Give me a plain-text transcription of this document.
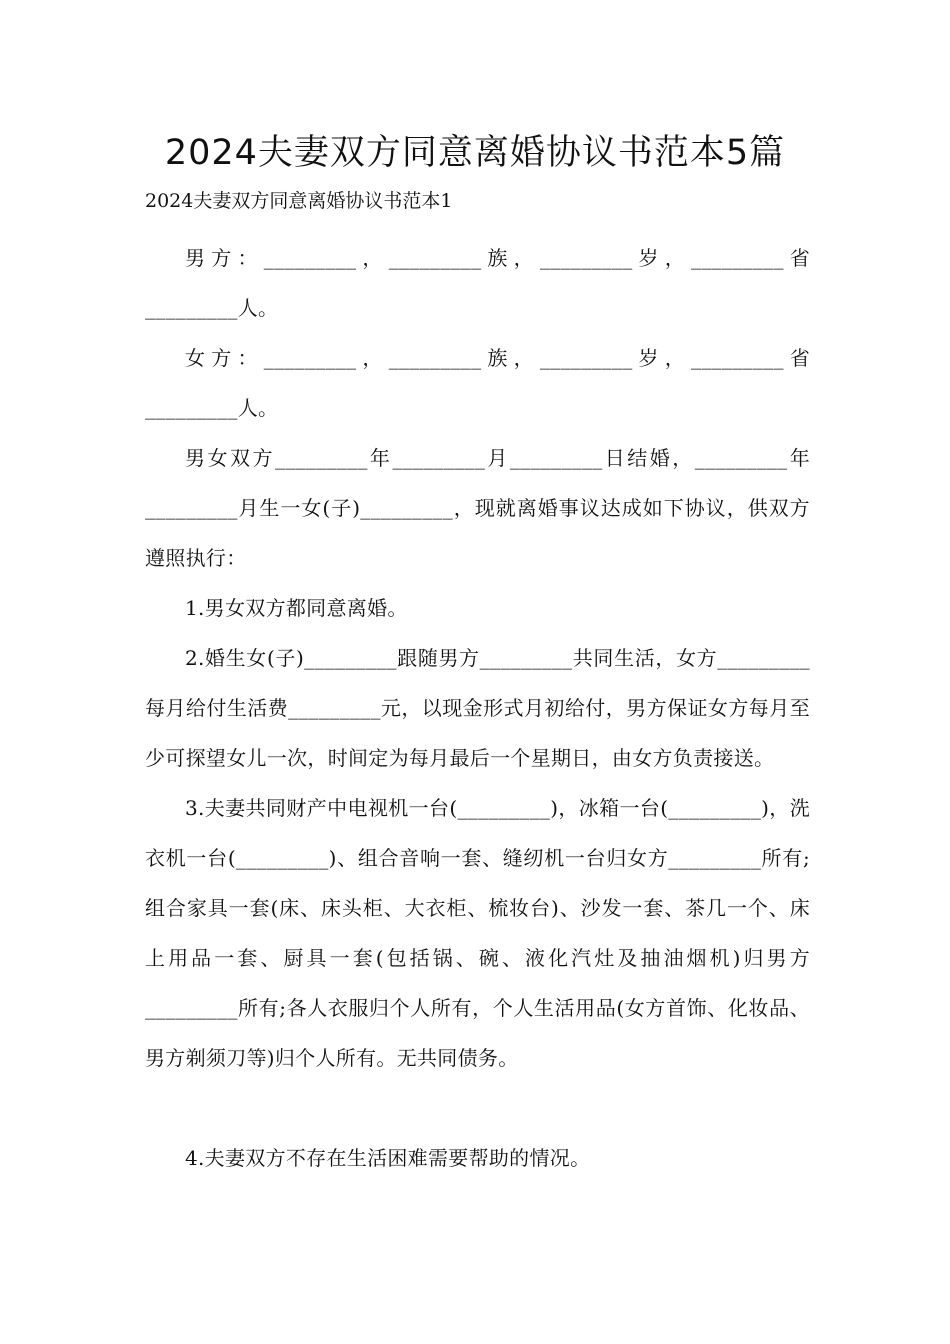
2024夫妻双方同意离婚协议书范本5篇
2024夫妻双方同意离婚协议书范本1

男方：_________，_________族，_________岁，_________省_________人。

女方：_________，_________族，_________岁，_________省_________人。

男女双方_________年_________月_________日结婚，_________年_________月生一女(子)_________，现就离婚事议达成如下协议，供双方遵照执行：

1.男女双方都同意离婚。

2.婚生女(子)_________跟随男方_________共同生活，女方_________每月给付生活费_________元，以现金形式月初给付，男方保证女方每月至少可探望女儿一次，时间定为每月最后一个星期日，由女方负责接送。

3.夫妻共同财产中电视机一台(_________)，冰箱一台(_________)，洗衣机一台(_________)、组合音响一套、缝纫机一台归女方_________所有;组合家具一套(床、床头柜、大衣柜、梳妆台)、沙发一套、茶几一个、床上用品一套、厨具一套(包括锅、碗、液化汽灶及抽油烟机)归男方_________所有;各人衣服归个人所有，个人生活用品(女方首饰、化妆品、男方剃须刀等)归个人所有。无共同债务。

4.夫妻双方不存在生活困难需要帮助的情况。
